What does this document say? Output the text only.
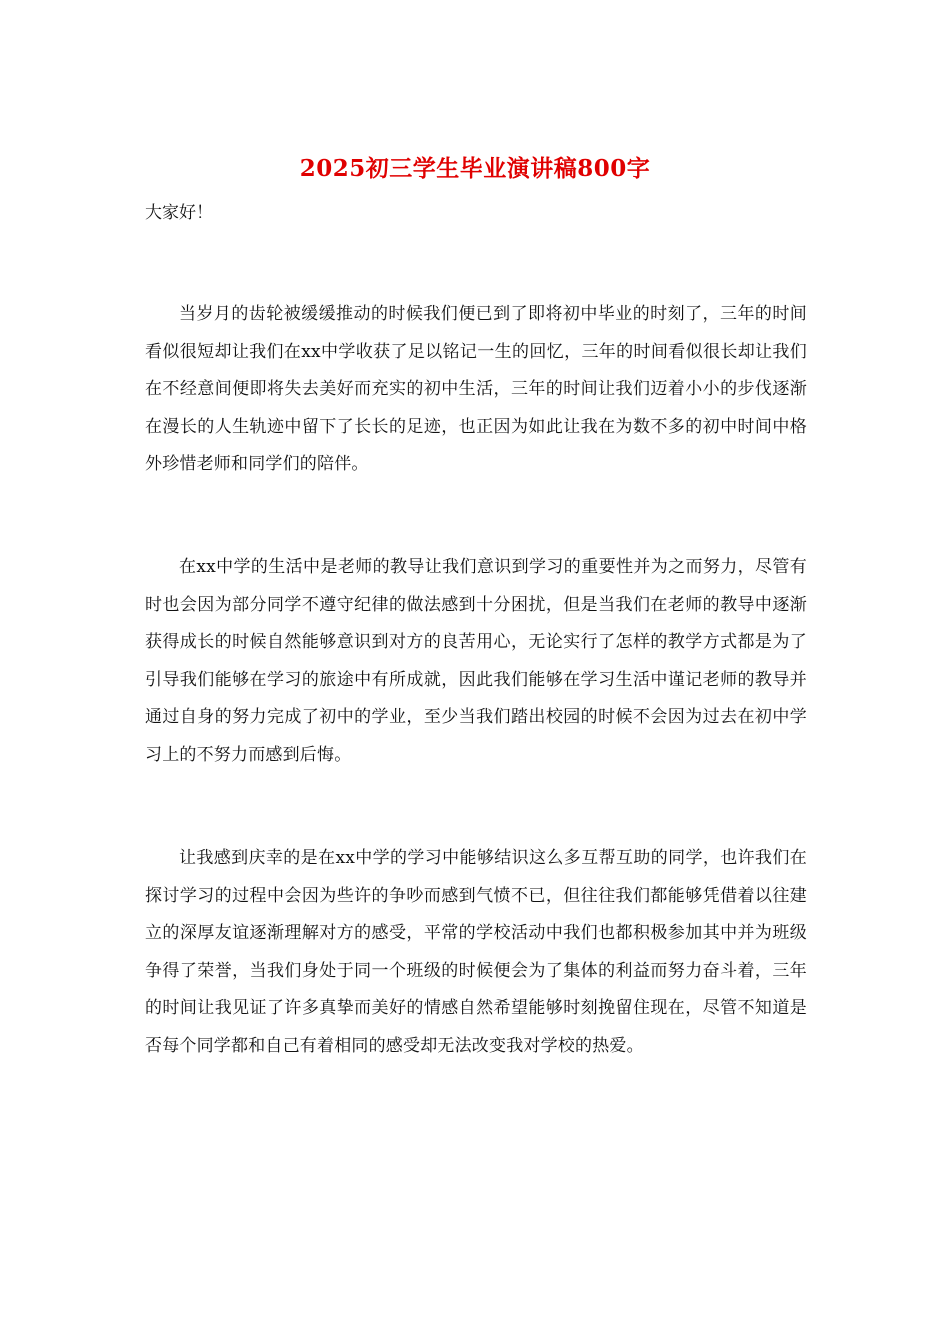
2025初三学生毕业演讲稿800字
大家好！

当岁月的齿轮被缓缓推动的时候我们便已到了即将初中毕业的时刻了，三年的时间看似很短却让我们在xx中学收获了足以铭记一生的回忆，三年的时间看似很长却让我们在不经意间便即将失去美好而充实的初中生活，三年的时间让我们迈着小小的步伐逐渐在漫长的人生轨迹中留下了长长的足迹，也正因为如此让我在为数不多的初中时间中格外珍惜老师和同学们的陪伴。

在xx中学的生活中是老师的教导让我们意识到学习的重要性并为之而努力，尽管有时也会因为部分同学不遵守纪律的做法感到十分困扰，但是当我们在老师的教导中逐渐获得成长的时候自然能够意识到对方的良苦用心，无论实行了怎样的教学方式都是为了引导我们能够在学习的旅途中有所成就，因此我们能够在学习生活中谨记老师的教导并通过自身的努力完成了初中的学业，至少当我们踏出校园的时候不会因为过去在初中学习上的不努力而感到后悔。

让我感到庆幸的是在xx中学的学习中能够结识这么多互帮互助的同学，也许我们在探讨学习的过程中会因为些许的争吵而感到气愤不已，但往往我们都能够凭借着以往建立的深厚友谊逐渐理解对方的感受，平常的学校活动中我们也都积极参加其中并为班级争得了荣誉，当我们身处于同一个班级的时候便会为了集体的利益而努力奋斗着，三年的时间让我见证了许多真挚而美好的情感自然希望能够时刻挽留住现在，尽管不知道是否每个同学都和自己有着相同的感受却无法改变我对学校的热爱。
